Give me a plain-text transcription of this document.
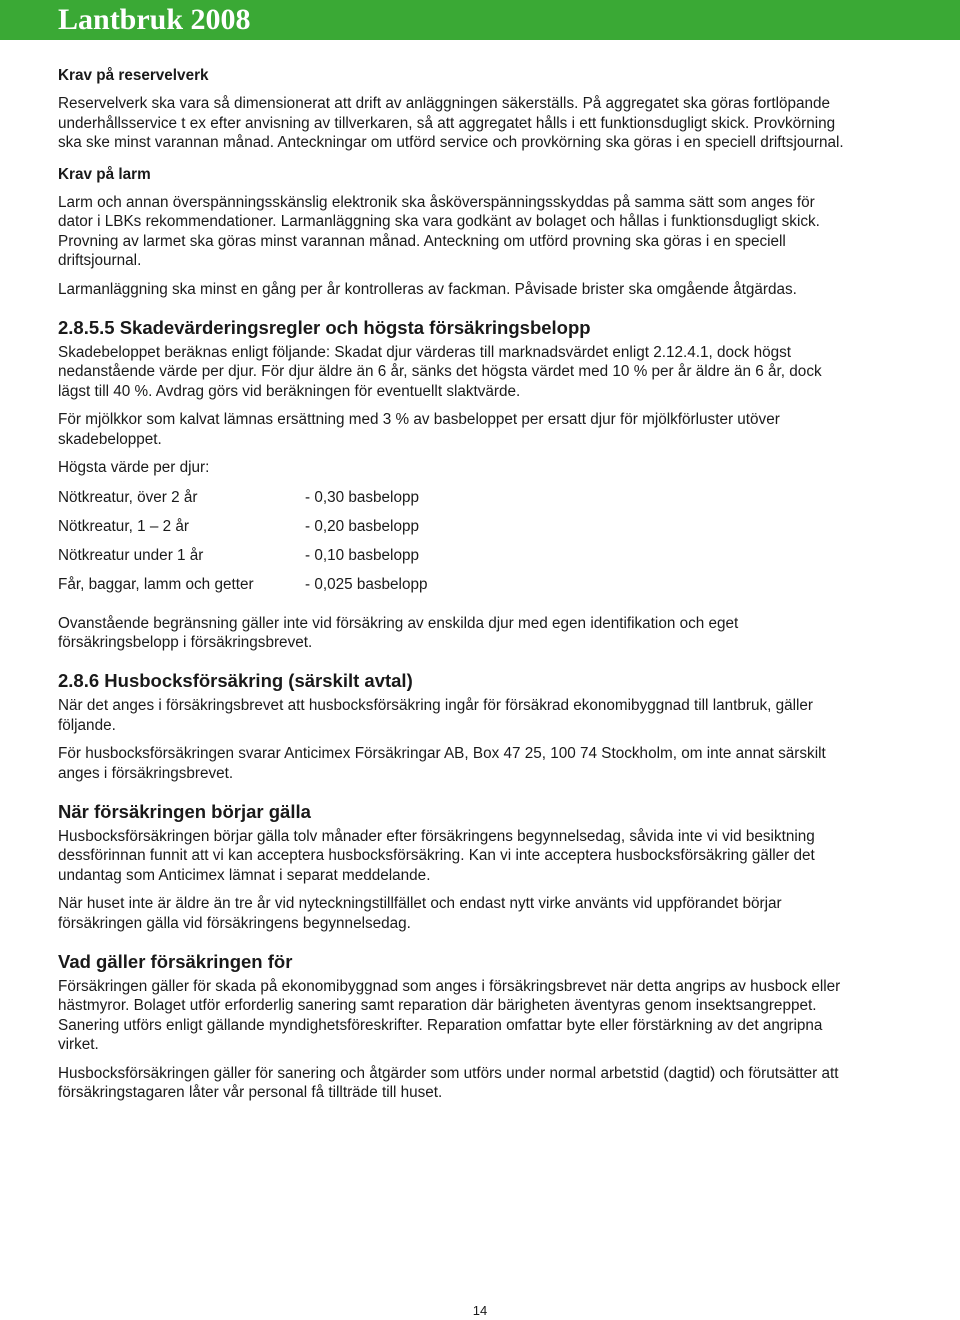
Lantbruk 2008

Krav på reservelverk

Reservelverk ska vara så dimensionerat att drift av anläggningen säkerställs. På aggregatet ska göras fortlöpande
underhållsservice t ex efter anvisning av tillverkaren, så att aggregatet hålls i ett funktionsdugligt skick. Provkörning
ska ske minst varannan månad. Anteckningar om utförd service och provkörning ska göras i en speciell driftsjournal.

Krav på larm

Larm och annan överspänningsskänslig elektronik ska åsköverspänningsskyddas på samma sätt som anges för
dator i LBKs rekommendationer. Larmanläggning ska vara godkänt av bolaget och hållas i funktionsdugligt skick.
Provning av larmet ska göras minst varannan månad. Anteckning om utförd provning ska göras i en speciell
driftsjournal.

Larmanläggning ska minst en gång per år kontrolleras av fackman. Påvisade brister ska omgående åtgärdas.

2.8.5.5 Skadevärderingsregler och högsta försäkringsbelopp

Skadebeloppet beräknas enligt följande: Skadat djur värderas till marknadsvärdet enligt 2.12.4.1, dock högst
nedanstående värde per djur. För djur äldre än 6 år, sänks det högsta värdet med 10 % per år äldre än 6 år, dock
lägst till 40 %. Avdrag görs vid beräkningen för eventuellt slaktvärde.

För mjölkkor som kalvat lämnas ersättning med 3 % av basbeloppet per ersatt djur för mjölkförluster utöver
skadebeloppet.

Högsta värde per djur:

Nötkreatur, över 2 år	- 0,30 basbelopp
Nötkreatur, 1 – 2 år	- 0,20 basbelopp
Nötkreatur under 1 år	- 0,10 basbelopp
Får, baggar, lamm och getter	- 0,025 basbelopp

Ovanstående begränsning gäller inte vid försäkring av enskilda djur med egen identifikation och eget
försäkringsbelopp i försäkringsbrevet.

2.8.6 Husbocksförsäkring (särskilt avtal)

När det anges i försäkringsbrevet att husbocksförsäkring ingår för försäkrad ekonomibyggnad till lantbruk, gäller
följande.

För husbocksförsäkringen svarar Anticimex Försäkringar AB, Box 47 25, 100 74 Stockholm, om inte annat särskilt
anges i försäkringsbrevet.

När försäkringen börjar gälla

Husbocksförsäkringen börjar gälla tolv månader efter försäkringens begynnelsedag, såvida inte vi vid besiktning
dessförinnan funnit att vi kan acceptera husbocksförsäkring. Kan vi inte acceptera husbocksförsäkring gäller det
undantag som Anticimex lämnat i separat meddelande.

När huset inte är äldre än tre år vid nyteckningstillfället och endast nytt virke använts vid uppförandet börjar
försäkringen gälla vid försäkringens begynnelsedag.

Vad gäller försäkringen för

Försäkringen gäller för skada på ekonomibyggnad som anges i försäkringsbrevet när detta angrips av husbock eller
hästmyror. Bolaget utför erforderlig sanering samt reparation där bärigheten äventyras genom insektsangreppet.
Sanering utförs enligt gällande myndighetsföreskrifter. Reparation omfattar byte eller förstärkning av det angripna
virket.

Husbocksförsäkringen gäller för sanering och åtgärder som utförs under normal arbetstid (dagtid) och förutsätter att
försäkringstagaren låter vår personal få tillträde till huset.

14
